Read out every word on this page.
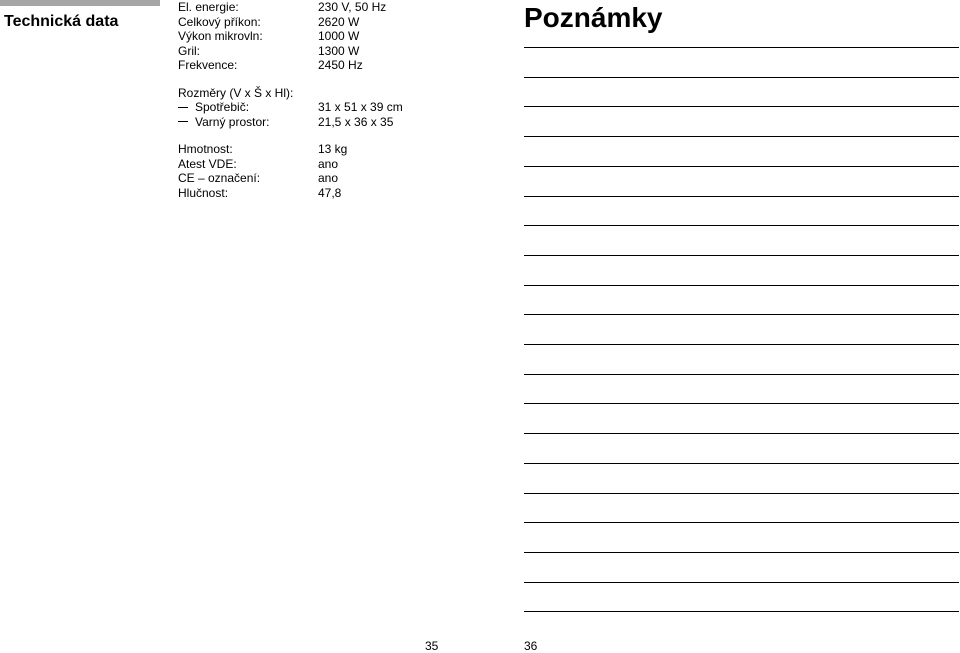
Technická data
El. energie:	230 V, 50 Hz
Celkový příkon:	2620 W
Výkon mikrovln:	1000 W
Gril:	1300 W
Frekvence:	2450 Hz
Rozměry (V x Š x Hl):
Spotřebič:	31 x 51 x 39 cm
Varný prostor:	21,5 x 36 x 35
Hmotnost:	13 kg
Atest VDE:	ano
CE – označení:	ano
Hlučnost:	47,8
Poznámky
35	36
